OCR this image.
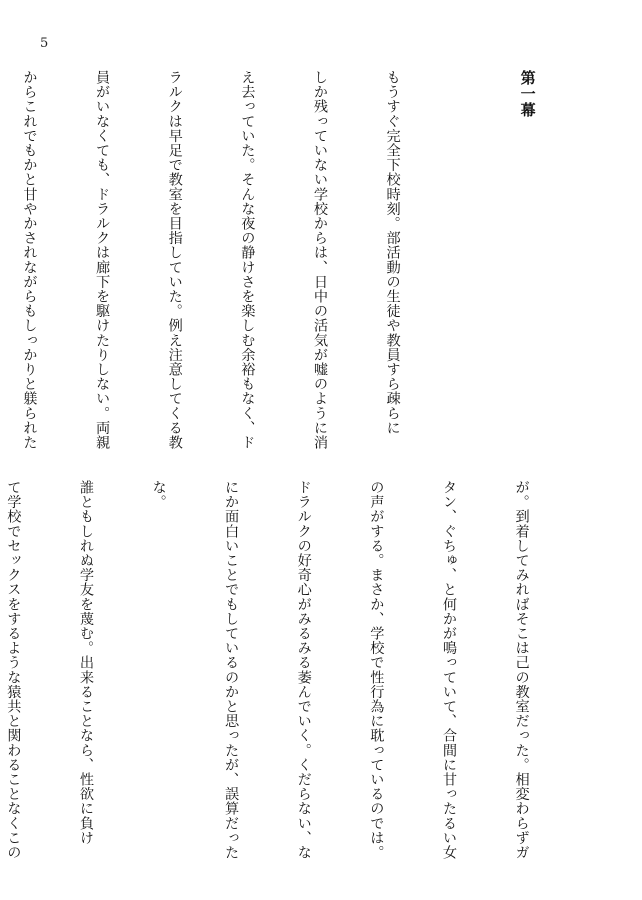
5

第一幕

もうすぐ完全下校時刻。部活動の生徒や教員すら疎らに

しか残っていない学校からは、日中の活気が嘘のように消

え去っていた。そんな夜の静けさを楽しむ余裕もなく、ド

ラルクは早足で教室を目指していた。例え注意してくる教

員がいなくても、ドラルクは廊下を駆けたりしない。両親

からこれでもかと甘やかされながらもしっかりと躾られた

が。到着してみればそこは己の教室だった。相変わらずガ

タン、ぐちゅ、と何かが鳴っていて、合間に甘ったるい女

の声がする。まさか、学校で性行為に耽っているのでは。

ドラルクの好奇心がみるみる萎んでいく。くだらない、な

にか面白いことでもしているのかと思ったが、誤算だった

な。

誰ともしれぬ学友を蔑む。出来ることなら、性欲に負け

て学校でセックスをするような猿共と関わることなくこの
